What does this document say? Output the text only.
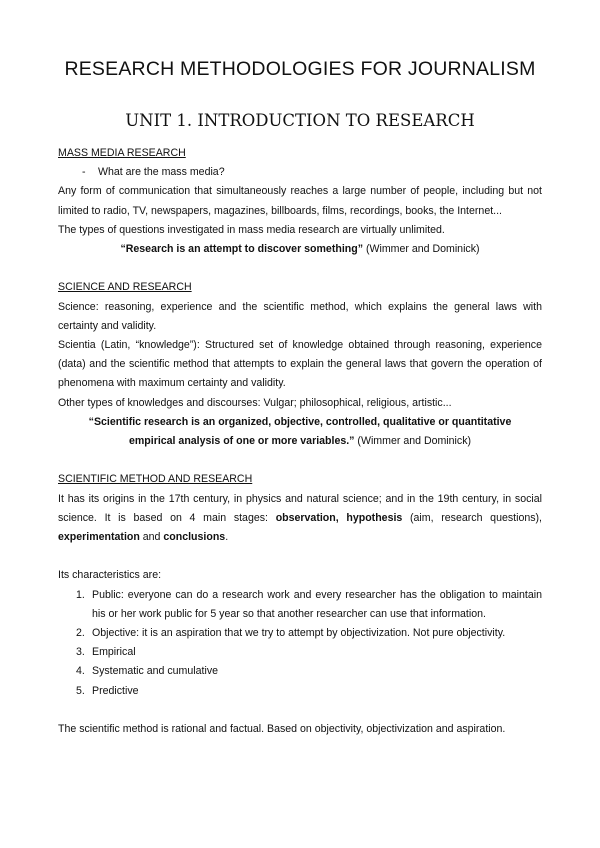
RESEARCH METHODOLOGIES FOR JOURNALISM
UNIT 1. INTRODUCTION TO RESEARCH

MASS MEDIA RESEARCH

- What are the mass media?

Any form of communication that simultaneously reaches a large number of people, including but not limited to radio, TV, newspapers, magazines, billboards, films, recordings, books, the Internet...

The types of questions investigated in mass media research are virtually unlimited.

“Research is an attempt to discover something” (Wimmer and Dominick)

SCIENCE AND RESEARCH

Science: reasoning, experience and the scientific method, which explains the general laws with certainty and validity.

Scientia (Latin, “knowledge”): Structured set of knowledge obtained through reasoning, experience (data) and the scientific method that attempts to explain the general laws that govern the operation of phenomena with maximum certainty and validity.

Other types of knowledges and discourses: Vulgar; philosophical, religious, artistic...

“Scientific research is an organized, objective, controlled, qualitative or quantitative

empirical analysis of one or more variables.” (Wimmer and Dominick)

SCIENTIFIC METHOD AND RESEARCH

It has its origins in the 17th century, in physics and natural science; and in the 19th century, in social science. It is based on 4 main stages: observation, hypothesis (aim, research questions), experimentation and conclusions.

Its characteristics are:

1. Public: everyone can do a research work and every researcher has the obligation to maintain his or her work public for 5 year so that another researcher can use that information.
2. Objective: it is an aspiration that we try to attempt by objectivization. Not pure objectivity.
3. Empirical
4. Systematic and cumulative
5. Predictive

The scientific method is rational and factual. Based on objectivity, objectivization and aspiration.
